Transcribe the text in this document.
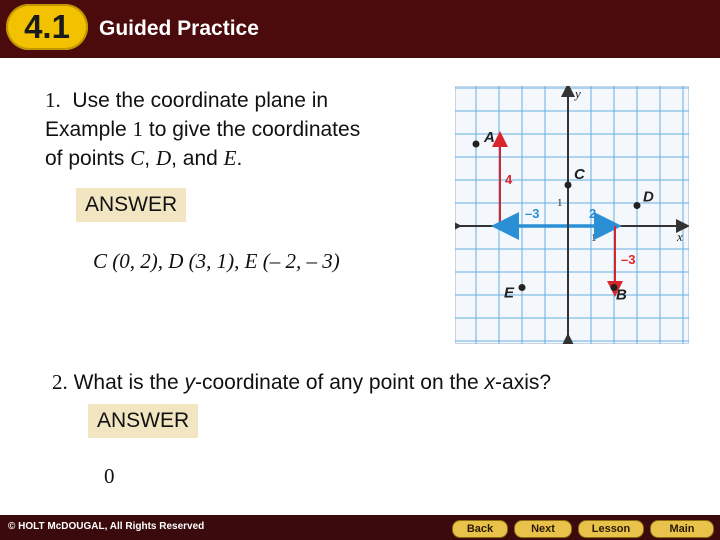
4.1	Guided Practice
1. Use the coordinate plane in
Example 1 to give the coordinates
of points C, D, and E.
ANSWER
C (0, 2), D (3, 1), E (– 2, – 3)
2. What is the y-coordinate of any point on the x-axis?
ANSWER
0
y
x
1
1
4
–3	2
–3
A
C
D
E	B
© HOLT McDOUGAL, All Rights Reserved	Back	Next	Lesson	Main
